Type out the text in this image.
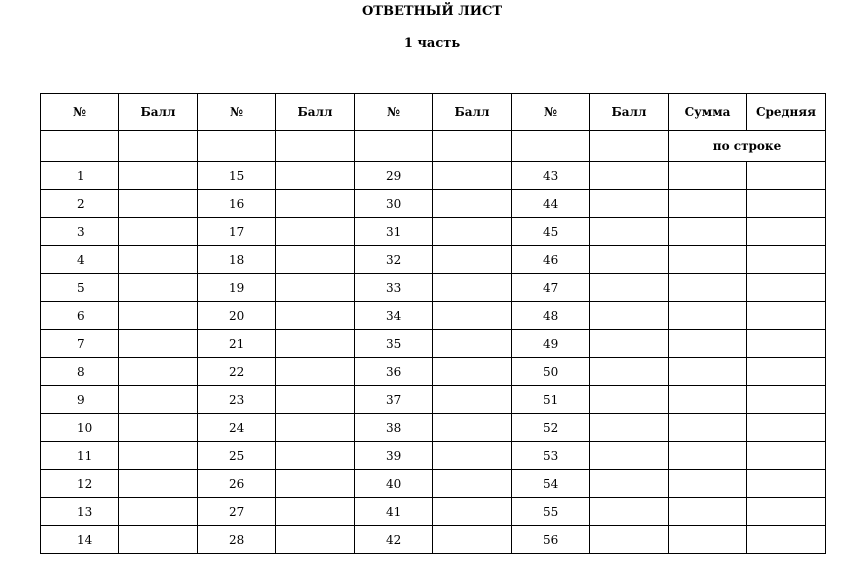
ОТВЕТНЫЙ ЛИСТ
1 часть
№	Балл	№	Балл	№	Балл	№	Балл	Сумма	Средняя
								по строке	
1		15		29		43			
2		16		30		44			
3		17		31		45			
4		18		32		46			
5		19		33		47			
6		20		34		48			
7		21		35		49			
8		22		36		50			
9		23		37		51			
10		24		38		52			
11		25		39		53			
12		26		40		54			
13		27		41		55			
14		28		42		56			
